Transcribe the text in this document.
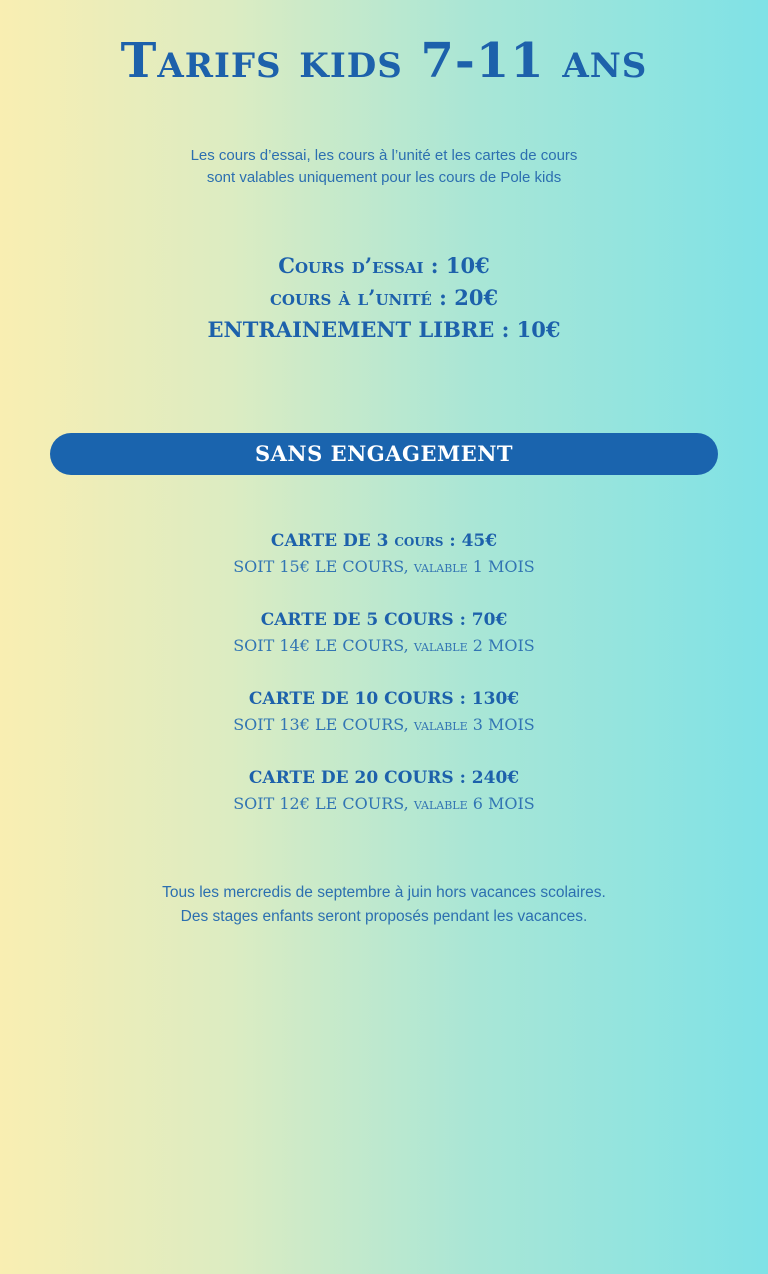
Tarifs kids 7-11 ans
Les cours d’essai, les cours à l’unité et les cartes de cours
sont valables uniquement pour les cours de Pole kids
Cours d’essai : 10€
cours à l’unité : 20€
ENTRAINEMENT LIBRE : 10€
SANS ENGAGEMENT
CARTE DE 3 cours : 45€
SOIT 15€ LE COURS, valable 1 MOIS
CARTE DE 5 COURS : 70€
SOIT 14€ LE COURS, valable 2 MOIS
CARTE DE 10 COURS : 130€
SOIT 13€ LE COURS, valable 3 MOIS
CARTE DE 20 COURS : 240€
SOIT 12€ LE COURS, valable 6 MOIS
Tous les mercredis de septembre à juin hors vacances scolaires.
Des stages enfants seront proposés pendant les vacances.
